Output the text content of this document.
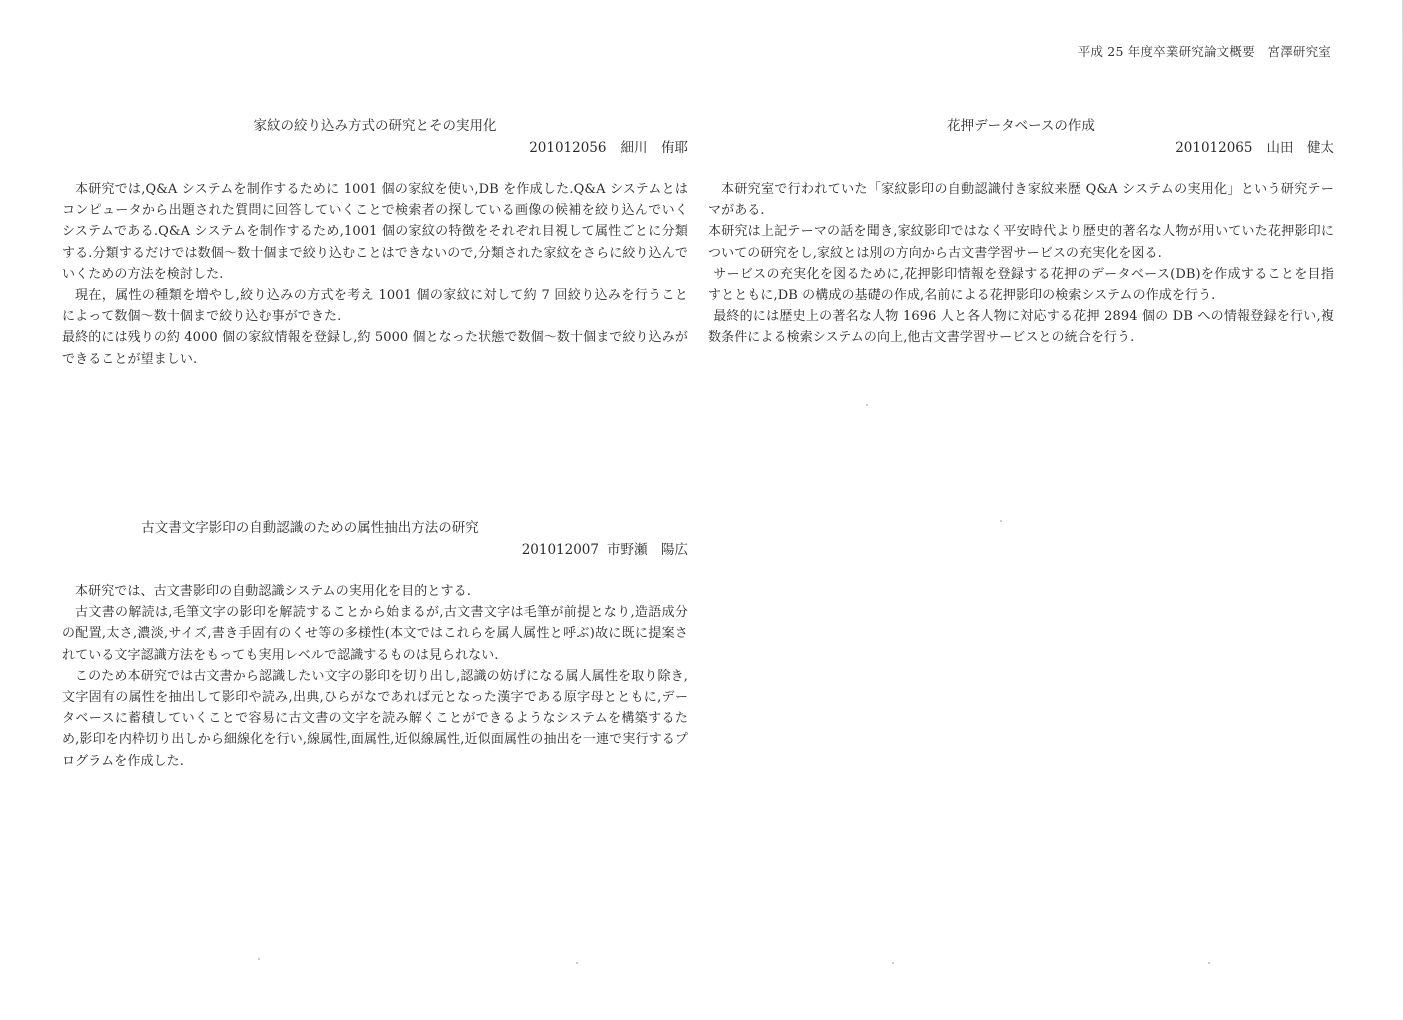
平成 25 年度卒業研究論文概要　宮澤研究室
家紋の絞り込み方式の研究とその実用化
201012056 細川　侑耶

本研究では,Q&A システムを制作するために 1001 個の家紋を使い,DB を作成した.Q&A システムとはコンピュータから出題された質問に回答していくことで検索者の探している画像の候補を絞り込んでいくシステムである.Q&A システムを制作するため,1001 個の家紋の特徴をそれぞれ目視して属性ごとに分類する.分類するだけでは数個～数十個まで絞り込むことはできないので,分類された家紋をさらに絞り込んでいくための方法を検討した.

現在，属性の種類を増やし,絞り込みの方式を考え 1001 個の家紋に対して約 7 回絞り込みを行うことによって数個～数十個まで絞り込む事ができた.

最終的には残りの約 4000 個の家紋情報を登録し,約 5000 個となった状態で数個～数十個まで絞り込みができることが望ましい.

花押データベースの作成
201012065 山田　健太

本研究室で行われていた「家紋影印の自動認識付き家紋来歴 Q&A システムの実用化」という研究テーマがある.

本研究は上記テーマの話を聞き,家紋影印ではなく平安時代より歴史的著名な人物が用いていた花押影印についての研究をし,家紋とは別の方向から古文書学習サービスの充実化を図る.

サービスの充実化を図るために,花押影印情報を登録する花押のデータベース(DB)を作成することを目指すとともに,DB の構成の基礎の作成,名前による花押影印の検索システムの作成を行う.

最終的には歴史上の著名な人物 1696 人と各人物に対応する花押 2894 個の DB への情報登録を行い,複数条件による検索システムの向上,他古文書学習サービスとの統合を行う.

古文書文字影印の自動認識のための属性抽出方法の研究
201012007 市野瀬　陽広

本研究では、古文書影印の自動認識システムの実用化を目的とする.

古文書の解読は,毛筆文字の影印を解読することから始まるが,古文書文字は毛筆が前提となり,造語成分の配置,太さ,濃淡,サイズ,書き手固有のくせ等の多様性(本文ではこれらを属人属性と呼ぶ)故に既に提案されている文字認識方法をもっても実用レベルで認識するものは見られない.

このため本研究では古文書から認識したい文字の影印を切り出し,認識の妨げになる属人属性を取り除き,文字固有の属性を抽出して影印や読み,出典,ひらがなであれば元となった漢字である原字母とともに,データベースに蓄積していくことで容易に古文書の文字を読み解くことができるようなシステムを構築するため,影印を内枠切り出しから細線化を行い,線属性,面属性,近似線属性,近似面属性の抽出を一連で実行するプログラムを作成した.
